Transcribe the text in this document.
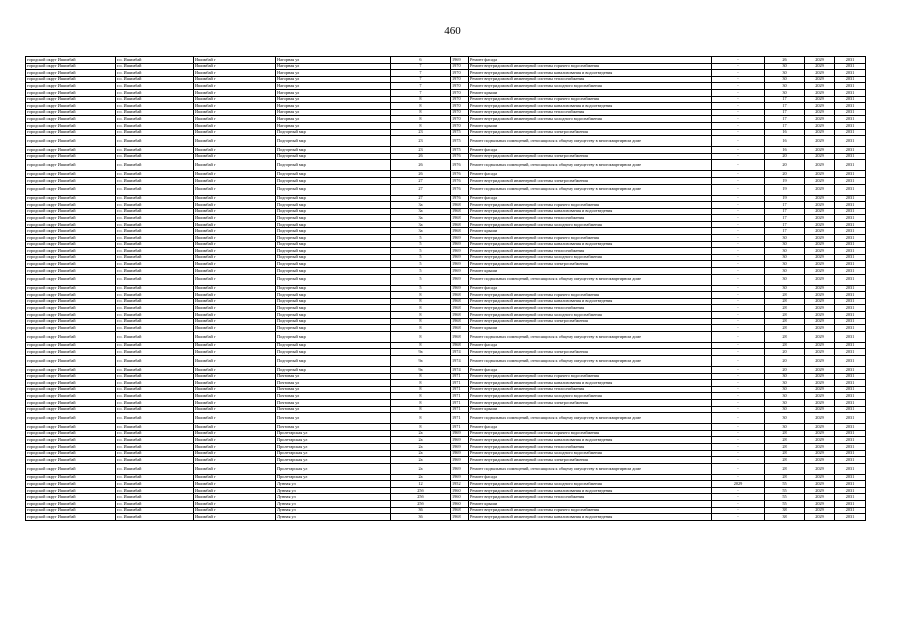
460
городской округ Ишимбай	г.о. Ишимбай	Ишимбай г	Нагорная ул	6	1969	Ремонт фасада	-	26	2029	2031
городской округ Ишимбай	г.о. Ишимбай	Ишимбай г	Нагорная ул	7	1970	Ремонт внутридомовой инженерной системы горячего водоснабжения	-	30	2029	2031
городской округ Ишимбай	г.о. Ишимбай	Ишимбай г	Нагорная ул	7	1970	Ремонт внутридомовой инженерной системы канализования и водоотведения	-	30	2029	2031
городской округ Ишимбай	г.о. Ишимбай	Ишимбай г	Нагорная ул	7	1970	Ремонт внутридомовой инженерной системы теплоснабжения	-	30	2029	2031
городской округ Ишимбай	г.о. Ишимбай	Ишимбай г	Нагорная ул	7	1970	Ремонт внутридомовой инженерной системы холодного водоснабжения	-	30	2029	2031
городской округ Ишимбай	г.о. Ишимбай	Ишимбай г	Нагорная ул	7	1970	Ремонт крыши	-	30	2029	2031
городской округ Ишимбай	г.о. Ишимбай	Ишимбай г	Нагорная ул	8	1970	Ремонт внутридомовой инженерной системы горячего водоснабжения	-	17	2029	2031
городской округ Ишимбай	г.о. Ишимбай	Ишимбай г	Нагорная ул	8	1970	Ремонт внутридомовой инженерной системы канализования и водоотведения	-	17	2029	2031
городской округ Ишимбай	г.о. Ишимбай	Ишимбай г	Нагорная ул	8	1970	Ремонт внутридомовой инженерной системы теплоснабжения	-	17	2029	2031
городской округ Ишимбай	г.о. Ишимбай	Ишимбай г	Нагорная ул	8	1970	Ремонт внутридомовой инженерной системы холодного водоснабжения	-	17	2029	2031
городской округ Ишимбай	г.о. Ишимбай	Ишимбай г	Нагорная ул	8	1970	Ремонт крыши	-	17	2029	2031
городской округ Ишимбай	г.о. Ишимбай	Ишимбай г	Подгорный мкр	23	1975	Ремонт внутридомовой инженерной системы электроснабжения	-	16	2029	2031
городской округ Ишимбай	г.о. Ишимбай	Ишимбай г	Подгорный мкр	23	1975	Ремонт подвальных помещений, относящихся к общему имуществу в многоквартирном доме	-	16	2029	2031
городской округ Ишимбай	г.о. Ишимбай	Ишимбай г	Подгорный мкр	23	1975	Ремонт фасада	-	16	2029	2031
городской округ Ишимбай	г.о. Ишимбай	Ишимбай г	Подгорный мкр	26	1976	Ремонт внутридомовой инженерной системы электроснабжения	-	20	2029	2031
городской округ Ишимбай	г.о. Ишимбай	Ишимбай г	Подгорный мкр	26	1976	Ремонт подвальных помещений, относящихся к общему имуществу в многоквартирном доме	-	20	2029	2031
городской округ Ишимбай	г.о. Ишимбай	Ишимбай г	Подгорный мкр	26	1976	Ремонт фасада	-	20	2029	2031
городской округ Ишимбай	г.о. Ишимбай	Ишимбай г	Подгорный мкр	27	1976	Ремонт внутридомовой инженерной системы электроснабжения	-	19	2029	2031
городской округ Ишимбай	г.о. Ишимбай	Ишимбай г	Подгорный мкр	27	1976	Ремонт подвальных помещений, относящихся к общему имуществу в многоквартирном доме	-	19	2029	2031
городской округ Ишимбай	г.о. Ишимбай	Ишимбай г	Подгорный мкр	27	1976	Ремонт фасада	-	19	2029	2031
городской округ Ишимбай	г.о. Ишимбай	Ишимбай г	Подгорный мкр	3а	1968	Ремонт внутридомовой инженерной системы горячего водоснабжения	-	17	2029	2031
городской округ Ишимбай	г.о. Ишимбай	Ишимбай г	Подгорный мкр	3а	1968	Ремонт внутридомовой инженерной системы канализования и водоотведения	-	17	2029	2031
городской округ Ишимбай	г.о. Ишимбай	Ишимбай г	Подгорный мкр	3а	1968	Ремонт внутридомовой инженерной системы теплоснабжения	-	17	2029	2031
городской округ Ишимбай	г.о. Ишимбай	Ишимбай г	Подгорный мкр	3а	1968	Ремонт внутридомовой инженерной системы холодного водоснабжения	-	17	2029	2031
городской округ Ишимбай	г.о. Ишимбай	Ишимбай г	Подгорный мкр	3а	1968	Ремонт крыши	-	17	2029	2031
городской округ Ишимбай	г.о. Ишимбай	Ишимбай г	Подгорный мкр	5	1969	Ремонт внутридомовой инженерной системы горячего водоснабжения	-	30	2029	2031
городской округ Ишимбай	г.о. Ишимбай	Ишимбай г	Подгорный мкр	5	1969	Ремонт внутридомовой инженерной системы канализования и водоотведения	-	30	2029	2031
городской округ Ишимбай	г.о. Ишимбай	Ишимбай г	Подгорный мкр	5	1969	Ремонт внутридомовой инженерной системы теплоснабжения	-	30	2029	2031
городской округ Ишимбай	г.о. Ишимбай	Ишимбай г	Подгорный мкр	5	1969	Ремонт внутридомовой инженерной системы холодного водоснабжения	-	30	2029	2031
городской округ Ишимбай	г.о. Ишимбай	Ишимбай г	Подгорный мкр	5	1969	Ремонт внутридомовой инженерной системы электроснабжения	-	30	2029	2031
городской округ Ишимбай	г.о. Ишимбай	Ишимбай г	Подгорный мкр	5	1969	Ремонт крыши	-	30	2029	2031
городской округ Ишимбай	г.о. Ишимбай	Ишимбай г	Подгорный мкр	5	1969	Ремонт подвальных помещений, относящихся к общему имуществу в многоквартирном доме	-	30	2029	2031
городской округ Ишимбай	г.о. Ишимбай	Ишимбай г	Подгорный мкр	5	1969	Ремонт фасада	-	30	2029	2031
городской округ Ишимбай	г.о. Ишимбай	Ишимбай г	Подгорный мкр	8	1968	Ремонт внутридомовой инженерной системы горячего водоснабжения	-	28	2029	2031
городской округ Ишимбай	г.о. Ишимбай	Ишимбай г	Подгорный мкр	8	1968	Ремонт внутридомовой инженерной системы канализования и водоотведения	-	28	2029	2031
городской округ Ишимбай	г.о. Ишимбай	Ишимбай г	Подгорный мкр	8	1968	Ремонт внутридомовой инженерной системы теплоснабжения	-	28	2029	2031
городской округ Ишимбай	г.о. Ишимбай	Ишимбай г	Подгорный мкр	8	1968	Ремонт внутридомовой инженерной системы холодного водоснабжения	-	28	2029	2031
городской округ Ишимбай	г.о. Ишимбай	Ишимбай г	Подгорный мкр	8	1968	Ремонт внутридомовой инженерной системы электроснабжения	-	28	2029	2031
городской округ Ишимбай	г.о. Ишимбай	Ишимбай г	Подгорный мкр	8	1968	Ремонт крыши	-	28	2029	2031
городской округ Ишимбай	г.о. Ишимбай	Ишимбай г	Подгорный мкр	8	1968	Ремонт подвальных помещений, относящихся к общему имуществу в многоквартирном доме	-	28	2029	2031
городской округ Ишимбай	г.о. Ишимбай	Ишимбай г	Подгорный мкр	8	1968	Ремонт фасада	-	28	2029	2031
городской округ Ишимбай	г.о. Ишимбай	Ишимбай г	Подгорный мкр	9а	1974	Ремонт внутридомовой инженерной системы электроснабжения	-	20	2029	2031
городской округ Ишимбай	г.о. Ишимбай	Ишимбай г	Подгорный мкр	9а	1974	Ремонт подвальных помещений, относящихся к общему имуществу в многоквартирном доме	-	20	2029	2031
городской округ Ишимбай	г.о. Ишимбай	Ишимбай г	Подгорный мкр	9а	1974	Ремонт фасада	-	20	2029	2031
городской округ Ишимбай	г.о. Ишимбай	Ишимбай г	Почтовая ул	8	1971	Ремонт внутридомовой инженерной системы горячего водоснабжения	-	30	2029	2031
городской округ Ишимбай	г.о. Ишимбай	Ишимбай г	Почтовая ул	8	1971	Ремонт внутридомовой инженерной системы канализования и водоотведения	-	30	2029	2031
городской округ Ишимбай	г.о. Ишимбай	Ишимбай г	Почтовая ул	8	1971	Ремонт внутридомовой инженерной системы теплоснабжения	-	30	2029	2031
городской округ Ишимбай	г.о. Ишимбай	Ишимбай г	Почтовая ул	8	1971	Ремонт внутридомовой инженерной системы холодного водоснабжения	-	30	2029	2031
городской округ Ишимбай	г.о. Ишимбай	Ишимбай г	Почтовая ул	8	1971	Ремонт внутридомовой инженерной системы электроснабжения	-	30	2029	2031
городской округ Ишимбай	г.о. Ишимбай	Ишимбай г	Почтовая ул	8	1971	Ремонт крыши	-	30	2029	2031
городской округ Ишимбай	г.о. Ишимбай	Ишимбай г	Почтовая ул	8	1971	Ремонт подвальных помещений, относящихся к общему имуществу в многоквартирном доме	-	30	2029	2031
городской округ Ишимбай	г.о. Ишимбай	Ишимбай г	Почтовая ул	8	1971	Ремонт фасада	-	30	2029	2031
городской округ Ишимбай	г.о. Ишимбай	Ишимбай г	Пролетарская ул	2а	1969	Ремонт внутридомовой инженерной системы горячего водоснабжения	-	28	2029	2031
городской округ Ишимбай	г.о. Ишимбай	Ишимбай г	Пролетарская ул	2а	1969	Ремонт внутридомовой инженерной системы канализования и водоотведения	-	28	2029	2031
городской округ Ишимбай	г.о. Ишимбай	Ишимбай г	Пролетарская ул	2а	1969	Ремонт внутридомовой инженерной системы теплоснабжения	-	28	2029	2031
городской округ Ишимбай	г.о. Ишимбай	Ишимбай г	Пролетарская ул	2а	1969	Ремонт внутридомовой инженерной системы холодного водоснабжения	-	28	2029	2031
городской округ Ишимбай	г.о. Ишимбай	Ишимбай г	Пролетарская ул	2а	1969	Ремонт внутридомовой инженерной системы электроснабжения	-	28	2029	2031
городской округ Ишимбай	г.о. Ишимбай	Ишимбай г	Пролетарская ул	2а	1969	Ремонт подвальных помещений, относящихся к общему имуществу в многоквартирном доме	-	28	2029	2031
городской округ Ишимбай	г.о. Ишимбай	Ишимбай г	Пролетарская ул	2а	1969	Ремонт фасада	-	28	2029	2031
городской округ Ишимбай	г.о. Ишимбай	Ишимбай г	Лунная ул	12	1952	Ремонт внутридомовой инженерной системы холодного водоснабжения	2029	55	2029	2031
городской округ Ишимбай	г.о. Ишимбай	Ишимбай г	Лунная ул	25б	1960	Ремонт внутридомовой инженерной системы канализования и водоотведения	-	55	2029	2031
городской округ Ишимбай	г.о. Ишимбай	Ишимбай г	Лунная ул	25б	1960	Ремонт внутридомовой инженерной системы теплоснабжения	-	55	2029	2031
городской округ Ишимбай	г.о. Ишимбай	Ишимбай г	Лунная ул	25б	1960	Ремонт крыши	-	55	2029	2031
городской округ Ишимбай	г.о. Ишимбай	Ишимбай г	Лунная ул	36	1968	Ремонт внутридомовой инженерной системы горячего водоснабжения	-	38	2029	2031
городской округ Ишимбай	г.о. Ишимбай	Ишимбай г	Лунная ул	36	1968	Ремонт внутридомовой инженерной системы канализования и водоотведения	-	38	2029	2031
